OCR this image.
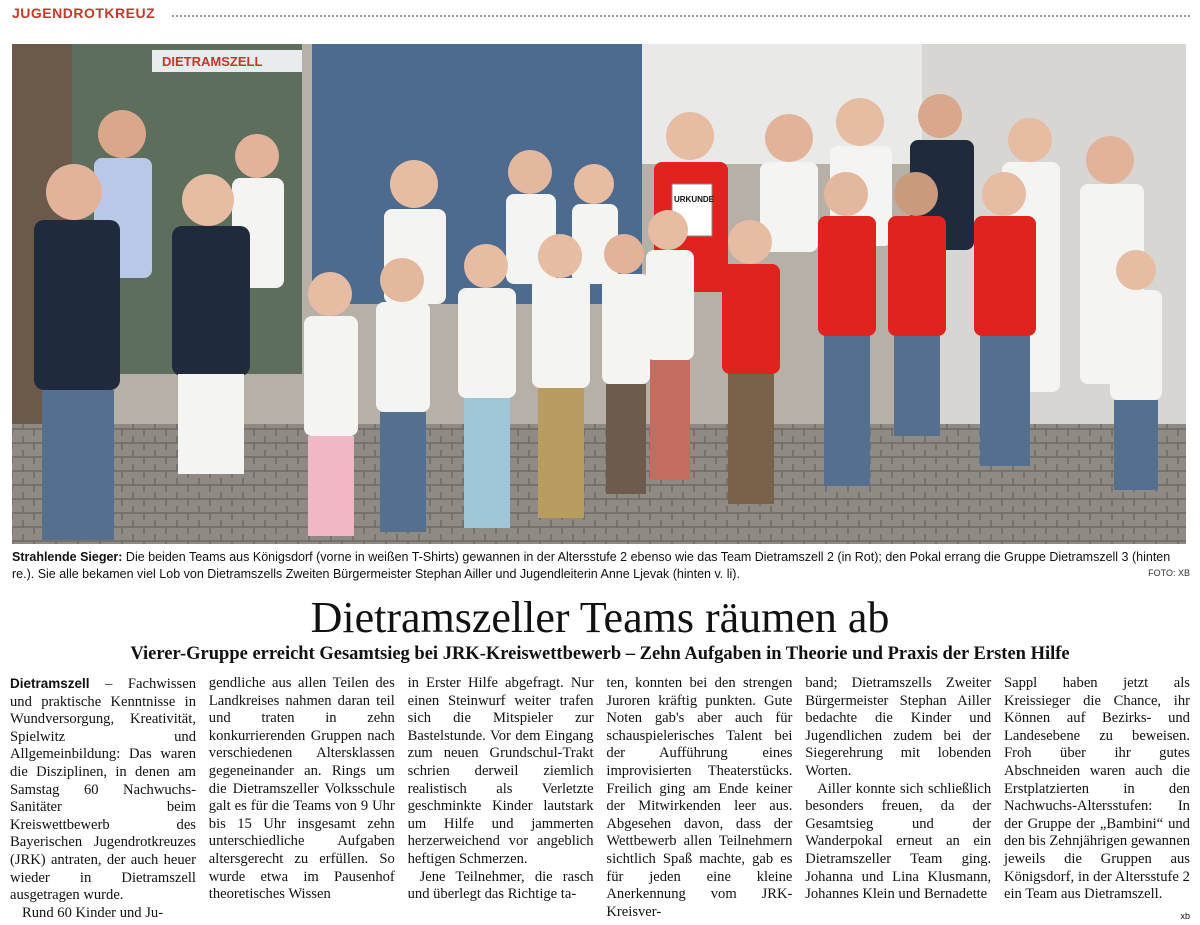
JUGENDROTKREUZ
DIETRAMSZELL
URKUNDE
Strahlende Sieger: Die beiden Teams aus Königsdorf (vorne in weißen T-Shirts) gewannen in der Altersstufe 2 ebenso wie das Team Dietramszell 2 (in Rot); den Pokal errang die Gruppe Dietramszell 3 (hinten re.). Sie alle bekamen viel Lob von Dietramszells Zweiten Bürgermeister Stephan Ailler und Jugendleiterin Anne Ljevak (hinten v. li).	FOTO: XB
Dietramszeller Teams räumen ab
Vierer-Gruppe erreicht Gesamtsieg bei JRK-Kreiswettbewerb – Zehn Aufgaben in Theorie und Praxis der Ersten Hilfe

Dietramszell – Fachwissen und praktische Kenntnisse in Wundversorgung, Kreativität, Spielwitz und Allgemeinbildung: Das waren die Disziplinen, in denen am Samstag 60 Nachwuchs-Sanitäter beim Kreiswettbewerb des Bayerischen Jugendrotkreuzes (JRK) antraten, der auch heuer wieder in Dietramszell ausgetragen wurde.

Rund 60 Kinder und Ju-

gendliche aus allen Teilen des Landkreises nahmen daran teil und traten in zehn konkurrierenden Gruppen nach verschiedenen Altersklassen gegeneinander an. Rings um die Dietramszeller Volksschule galt es für die Teams von 9 Uhr bis 15 Uhr insgesamt zehn unterschiedliche Aufgaben altersgerecht zu erfüllen. So wurde etwa im Pausenhof theoretisches Wissen

in Erster Hilfe abgefragt. Nur einen Steinwurf weiter trafen sich die Mitspieler zur Bastelstunde. Vor dem Eingang zum neuen Grundschul-Trakt schrien derweil ziemlich realistisch als Verletzte geschminkte Kinder lautstark um Hilfe und jammerten herzerweichend vor angeblich heftigen Schmerzen.

Jene Teilnehmer, die rasch und überlegt das Richtige ta-

ten, konnten bei den strengen Juroren kräftig punkten. Gute Noten gab's aber auch für schauspielerisches Talent bei der Aufführung eines improvisierten Theaterstücks. Freilich ging am Ende keiner der Mitwirkenden leer aus. Abgesehen davon, dass der Wettbewerb allen Teilnehmern sichtlich Spaß machte, gab es für jeden eine kleine Anerkennung vom JRK-Kreisver-

band; Dietramszells Zweiter Bürgermeister Stephan Ailler bedachte die Kinder und Jugendlichen zudem bei der Siegerehrung mit lobenden Worten.

Ailler konnte sich schließlich besonders freuen, da der Gesamtsieg und der Wanderpokal erneut an ein Dietramszeller Team ging. Johanna und Lina Klusmann, Johannes Klein und Bernadette

Sappl haben jetzt als Kreissieger die Chance, ihr Können auf Bezirks- und Landesebene zu beweisen. Froh über ihr gutes Abschneiden waren auch die Erstplatzierten in den Nachwuchs-Altersstufen: In der Gruppe der „Bambini“ und den bis Zehnjährigen gewannen jeweils die Gruppen aus Königsdorf, in der Altersstufe 2 ein Team aus Dietramszell.

xb
